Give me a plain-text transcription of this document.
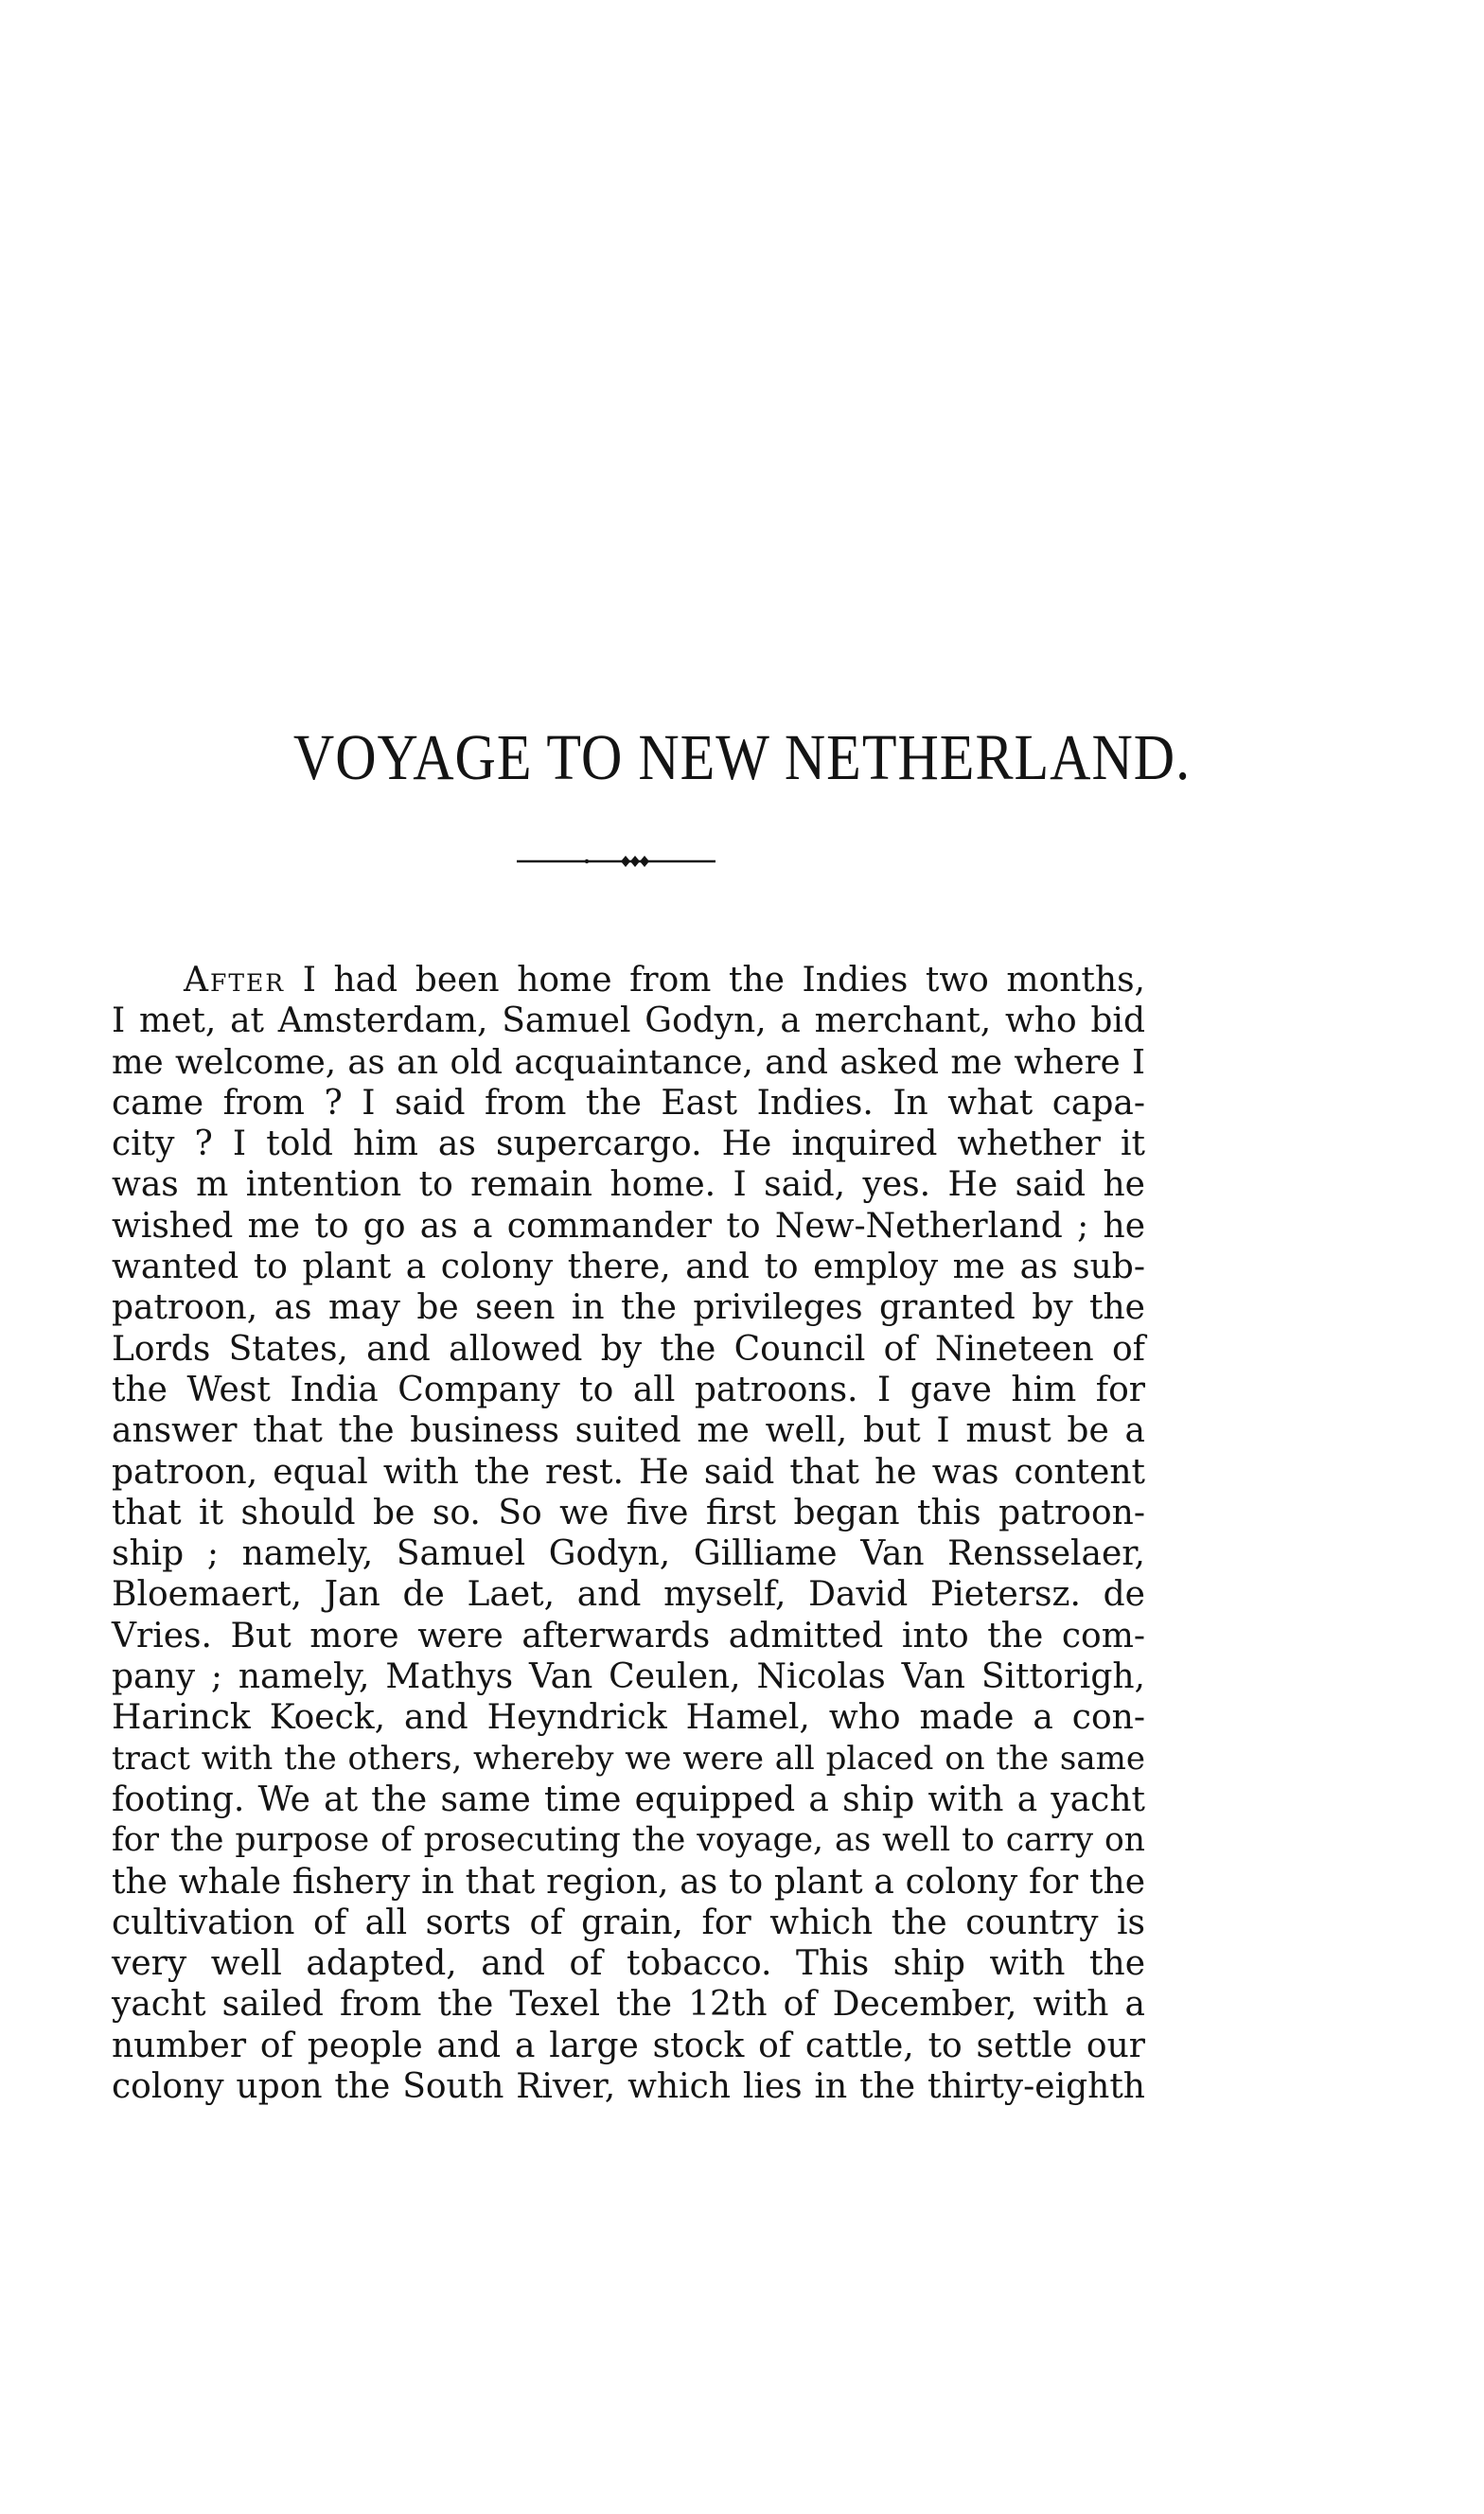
VOYAGE TO NEW NETHERLAND.
After I had been home from the Indies two months,
I met, at Amsterdam, Samuel Godyn, a merchant, who bid
me welcome, as an old acquaintance, and asked me where I
came from ? I said from the East Indies. In what capa-
city ? I told him as supercargo. He inquired whether it
was m intention to remain home. I said, yes. He said he
wished me to go as a commander to New-Netherland ; he
wanted to plant a colony there, and to employ me as sub-
patroon, as may be seen in the privileges granted by the
Lords States, and allowed by the Council of Nineteen of
the West India Company to all patroons. I gave him for
answer that the business suited me well, but I must be a
patroon, equal with the rest. He said that he was content
that it should be so. So we five first began this patroon-
ship ; namely, Samuel Godyn, Gilliame Van Rensselaer,
Bloemaert, Jan de Laet, and myself, David Pietersz. de
Vries. But more were afterwards admitted into the com-
pany ; namely, Mathys Van Ceulen, Nicolas Van Sittorigh,
Harinck Koeck, and Heyndrick Hamel, who made a con-
tract with the others, whereby we were all placed on the same
footing. We at the same time equipped a ship with a yacht
for the purpose of prosecuting the voyage, as well to carry on
the whale fishery in that region, as to plant a colony for the
cultivation of all sorts of grain, for which the country is
very well adapted, and of tobacco. This ship with the
yacht sailed from the Texel the 12th of December, with a
number of people and a large stock of cattle, to settle our
colony upon the South River, which lies in the thirty-eighth
